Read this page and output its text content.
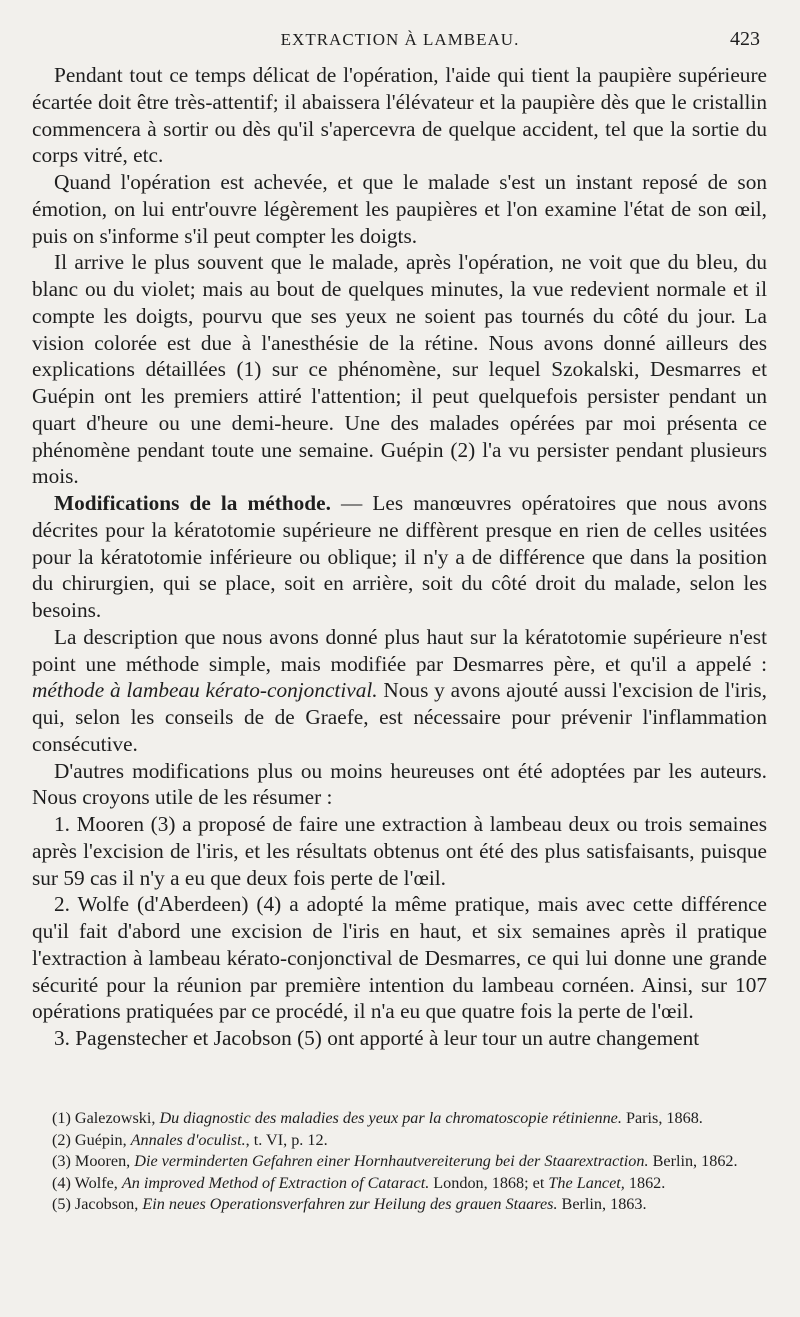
EXTRACTION À LAMBEAU.	423

Pendant tout ce temps délicat de l'opération, l'aide qui tient la paupière supérieure écartée doit être très-attentif; il abaissera l'élévateur et la paupière dès que le cristallin commencera à sortir ou dès qu'il s'apercevra de quelque accident, tel que la sortie du corps vitré, etc.

Quand l'opération est achevée, et que le malade s'est un instant reposé de son émotion, on lui entr'ouvre légèrement les paupières et l'on examine l'état de son œil, puis on s'informe s'il peut compter les doigts.

Il arrive le plus souvent que le malade, après l'opération, ne voit que du bleu, du blanc ou du violet; mais au bout de quelques minutes, la vue redevient normale et il compte les doigts, pourvu que ses yeux ne soient pas tournés du côté du jour. La vision colorée est due à l'anesthésie de la rétine. Nous avons donné ailleurs des explications détaillées (1) sur ce phénomène, sur lequel Szokalski, Desmarres et Guépin ont les premiers attiré l'attention; il peut quelquefois persister pendant un quart d'heure ou une demi-heure. Une des malades opérées par moi présenta ce phénomène pendant toute une semaine. Guépin (2) l'a vu persister pendant plusieurs mois.

Modifications de la méthode. — Les manœuvres opératoires que nous avons décrites pour la kératotomie supérieure ne diffèrent presque en rien de celles usitées pour la kératotomie inférieure ou oblique; il n'y a de différence que dans la position du chirurgien, qui se place, soit en arrière, soit du côté droit du malade, selon les besoins.

La description que nous avons donné plus haut sur la kératotomie supérieure n'est point une méthode simple, mais modifiée par Desmarres père, et qu'il a appelé : méthode à lambeau kérato-conjonctival. Nous y avons ajouté aussi l'excision de l'iris, qui, selon les conseils de de Graefe, est nécessaire pour prévenir l'inflammation consécutive.

D'autres modifications plus ou moins heureuses ont été adoptées par les auteurs. Nous croyons utile de les résumer :

1. Mooren (3) a proposé de faire une extraction à lambeau deux ou trois semaines après l'excision de l'iris, et les résultats obtenus ont été des plus satisfaisants, puisque sur 59 cas il n'y a eu que deux fois perte de l'œil.

2. Wolfe (d'Aberdeen) (4) a adopté la même pratique, mais avec cette différence qu'il fait d'abord une excision de l'iris en haut, et six semaines après il pratique l'extraction à lambeau kérato-conjonctival de Desmarres, ce qui lui donne une grande sécurité pour la réunion par première intention du lambeau cornéen. Ainsi, sur 107 opérations pratiquées par ce procédé, il n'a eu que quatre fois la perte de l'œil.

3. Pagenstecher et Jacobson (5) ont apporté à leur tour un autre changement

(1) Galezowski, Du diagnostic des maladies des yeux par la chromatoscopie rétinienne. Paris, 1868.

(2) Guépin, Annales d'oculist., t. VI, p. 12.

(3) Mooren, Die verminderten Gefahren einer Hornhautvereiterung bei der Staarextraction. Berlin, 1862.

(4) Wolfe, An improved Method of Extraction of Cataract. London, 1868; et The Lancet, 1862.

(5) Jacobson, Ein neues Operationsverfahren zur Heilung des grauen Staares. Berlin, 1863.
